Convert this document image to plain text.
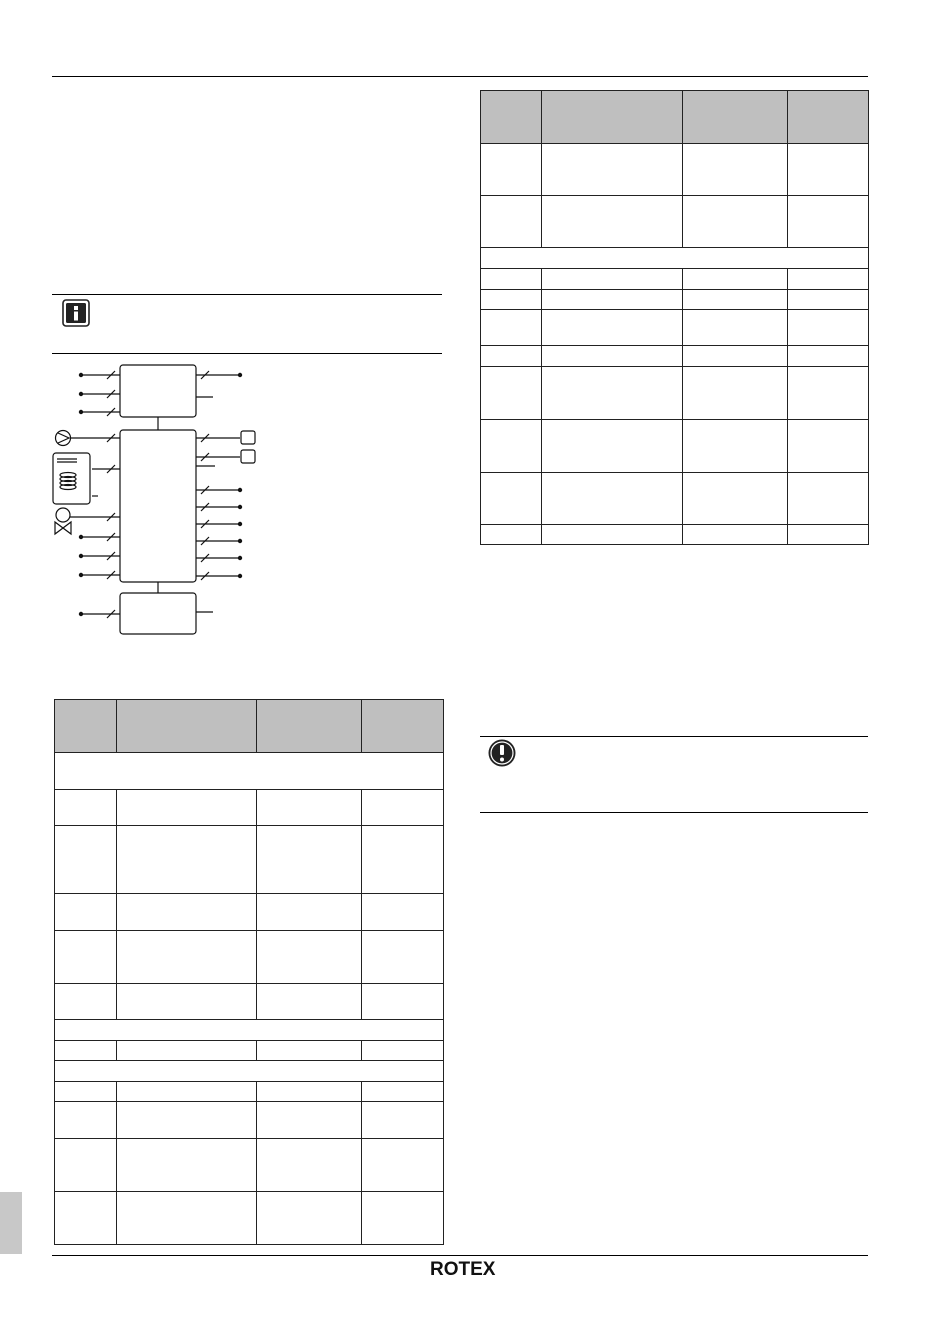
ROTEX
